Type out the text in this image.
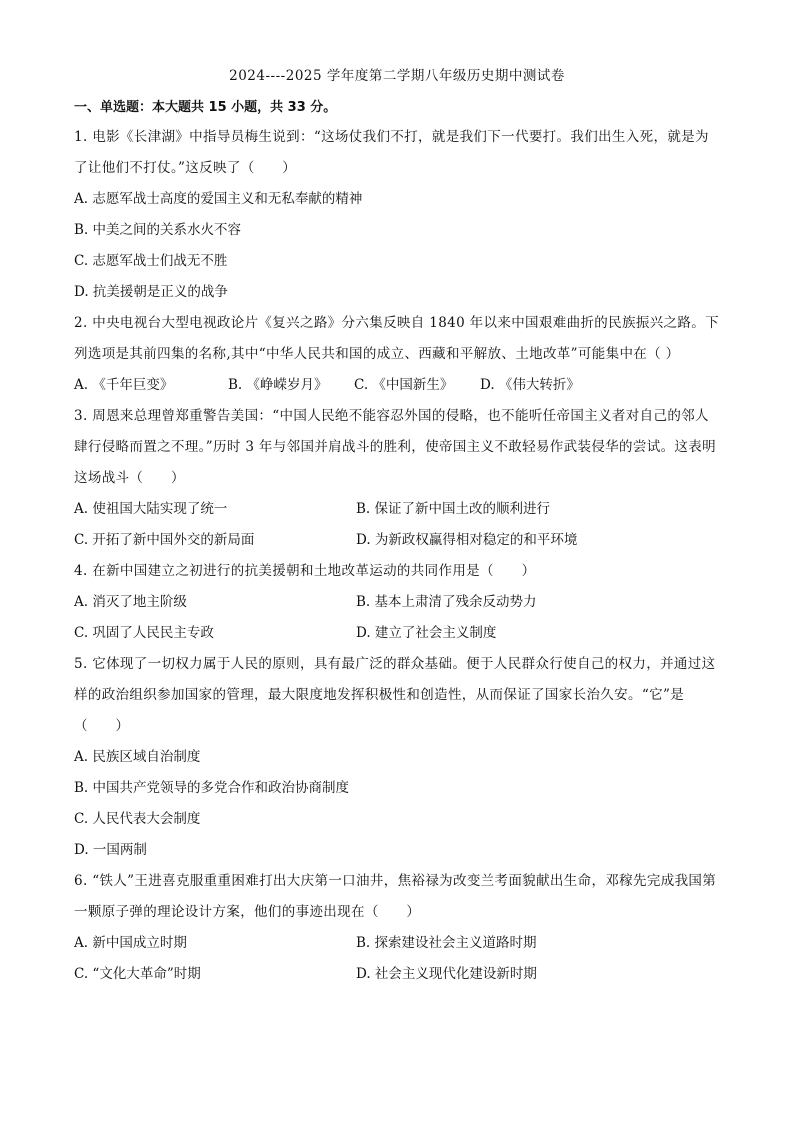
2024----2025 学年度第二学期八年级历史期中测试卷
一、单选题：本大题共 15 小题，共 33 分。
1. 电影《长津湖》中指导员梅生说到：“这场仗我们不打，就是我们下一代要打。我们出生入死，就是为了让他们不打仗。”这反映了（　　）
A. 志愿军战士高度的爱国主义和无私奉献的精神
B. 中美之间的关系水火不容
C. 志愿军战士们战无不胜
D. 抗美援朝是正义的战争
2. 中央电视台大型电视政论片《复兴之路》分六集反映自 1840 年以来中国艰难曲折的民族振兴之路。下列选项是其前四集的名称,其中“中华人民共和国的成立、西藏和平解放、土地改革”可能集中在（ ）
A. 《千年巨变》	B. 《峥嵘岁月》	C. 《中国新生》	D. 《伟大转折》
3. 周恩来总理曾郑重警告美国：“中国人民绝不能容忍外国的侵略，也不能听任帝国主义者对自己的邻人肆行侵略而置之不理。”历时 3 年与邻国并肩战斗的胜利，使帝国主义不敢轻易作武装侵华的尝试。这表明这场战斗（　　）
A. 使祖国大陆实现了统一	B. 保证了新中国土改的顺利进行
C. 开拓了新中国外交的新局面	D. 为新政权赢得相对稳定的和平环境
4. 在新中国建立之初进行的抗美援朝和土地改革运动的共同作用是（　　）
A. 消灭了地主阶级	B. 基本上肃清了残余反动势力
C. 巩固了人民民主专政	D. 建立了社会主义制度
5. 它体现了一切权力属于人民的原则，具有最广泛的群众基础。便于人民群众行使自己的权力，并通过这样的政治组织参加国家的管理，最大限度地发挥积极性和创造性，从而保证了国家长治久安。“它”是（　　）
A. 民族区域自治制度
B. 中国共产党领导的多党合作和政治协商制度
C. 人民代表大会制度
D. 一国两制
6. “铁人”王进喜克服重重困难打出大庆第一口油井，焦裕禄为改变兰考面貌献出生命，邓稼先完成我国第一颗原子弹的理论设计方案，他们的事迹出现在（　　）
A. 新中国成立时期	B. 探索建设社会主义道路时期
C. “文化大革命”时期	D. 社会主义现代化建设新时期
